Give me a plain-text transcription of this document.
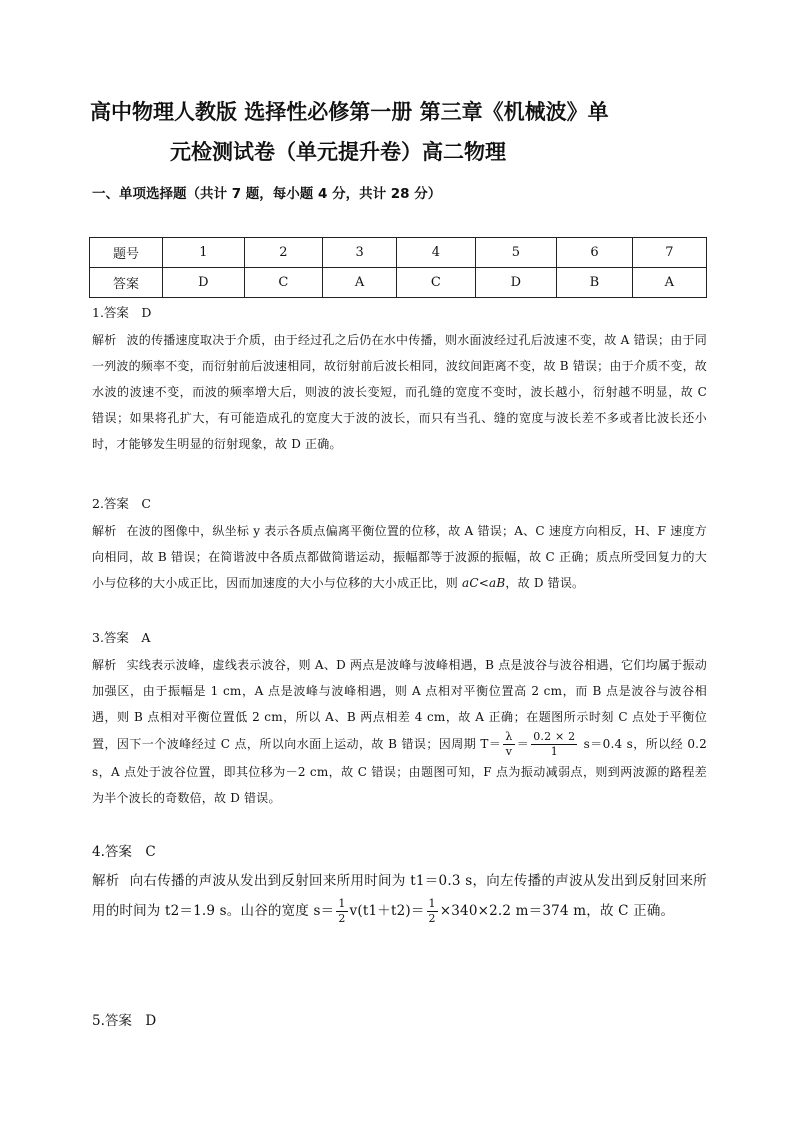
高中物理人教版 选择性必修第一册 第三章《机械波》单
元检测试卷（单元提升卷）高二物理
一、单项选择题（共计 7 题，每小题 4 分，共计 28 分）
题号	1	2	3	4	5	6	7
答案	D	C	A	C	D	B	A
1.答案　D
解析 波的传播速度取决于介质，由于经过孔之后仍在水中传播，则水面波经过孔后波速不变，故 A 错误；由于同一列波的频率不变，而衍射前后波速相同，故衍射前后波长相同，波纹间距离不变，故 B 错误；由于介质不变，故水波的波速不变，而波的频率增大后，则波的波长变短，而孔缝的宽度不变时，波长越小，衍射越不明显，故 C 错误；如果将孔扩大，有可能造成孔的宽度大于波的波长，而只有当孔、缝的宽度与波长差不多或者比波长还小时，才能够发生明显的衍射现象，故 D 正确。
2.答案　C
解析 在波的图像中，纵坐标 y 表示各质点偏离平衡位置的位移，故 A 错误；A、C 速度方向相反，H、F 速度方向相同，故 B 错误；在简谐波中各质点都做简谐运动，振幅都等于波源的振幅，故 C 正确；质点所受回复力的大小与位移的大小成正比，因而加速度的大小与位移的大小成正比，则 aC<aB，故 D 错误。
3.答案　A
解析 实线表示波峰，虚线表示波谷，则 A、D 两点是波峰与波峰相遇，B 点是波谷与波谷相遇，它们均属于振动加强区，由于振幅是 1 cm，A 点是波峰与波峰相遇，则 A 点相对平衡位置高 2 cm，而 B 点是波谷与波谷相遇，则 B 点相对平衡位置低 2 cm，所以 A、B 两点相差 4 cm，故 A 正确；在题图所示时刻 C 点处于平衡位置，因下一个波峰经过 C 点，所以向水面上运动，故 B 错误；因周期 $T= \frac{\lambda}{v} = \frac{0.2 \times 2}{1} s=0.4$ s，所以经 0.2 s，A 点处于波谷位置，即其位移为－2 cm，故 C 错误；由题图可知，F 点为振动减弱点，则到两波源的路程差为半个波长的奇数倍，故 D 错误。
4.答案　C
解析 向右传播的声波从发出到反射回来所用时间为 t1＝0.3 s，向左传播的声波从发出到反射回来所用的时间为 t2＝1.9 s。山谷的宽度 $s= \frac{1}{2} v(t1+t2)= \frac{1}{2} \times 340\times 2.2$ m＝374 m，故 C 正确。
5.答案　D
